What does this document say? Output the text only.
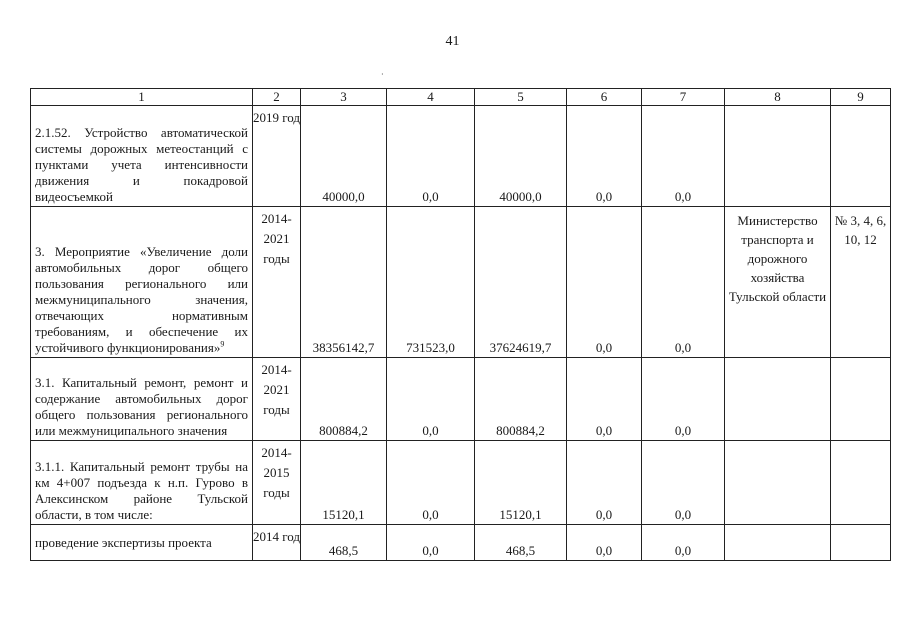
41
·
1	2	3	4	5	6	7	8	9
2.1.52. Устройство автоматической системы дорожных метеостанций с пунктами учета интенсивности движения и покадровой видеосъемкой	2019 год	40000,0	0,0	40000,0	0,0	0,0		
3. Мероприятие «Увеличение доли автомобильных дорог общего пользования регионального или межмуниципального значения, отвечающих нормативным требованиям, и обеспечение их устойчивого функционирования»$^9$	2014-2021 годы	38356142,7	731523,0	37624619,7	0,0	0,0	Министерство транспорта и дорожного хозяйства Тульской области	№ 3, 4, 6, 10, 12
3.1. Капитальный ремонт, ремонт и содержание автомобильных дорог общего пользования регионального или межмуниципального значения	2014-2021 годы	800884,2	0,0	800884,2	0,0	0,0		
3.1.1. Капитальный ремонт трубы на км 4+007 подъезда к н.п. Гурово в Алексинском районе Тульской области, в том числе:	2014-2015 годы	15120,1	0,0	15120,1	0,0	0,0		
проведение экспертизы проекта	2014 год	468,5	0,0	468,5	0,0	0,0		
